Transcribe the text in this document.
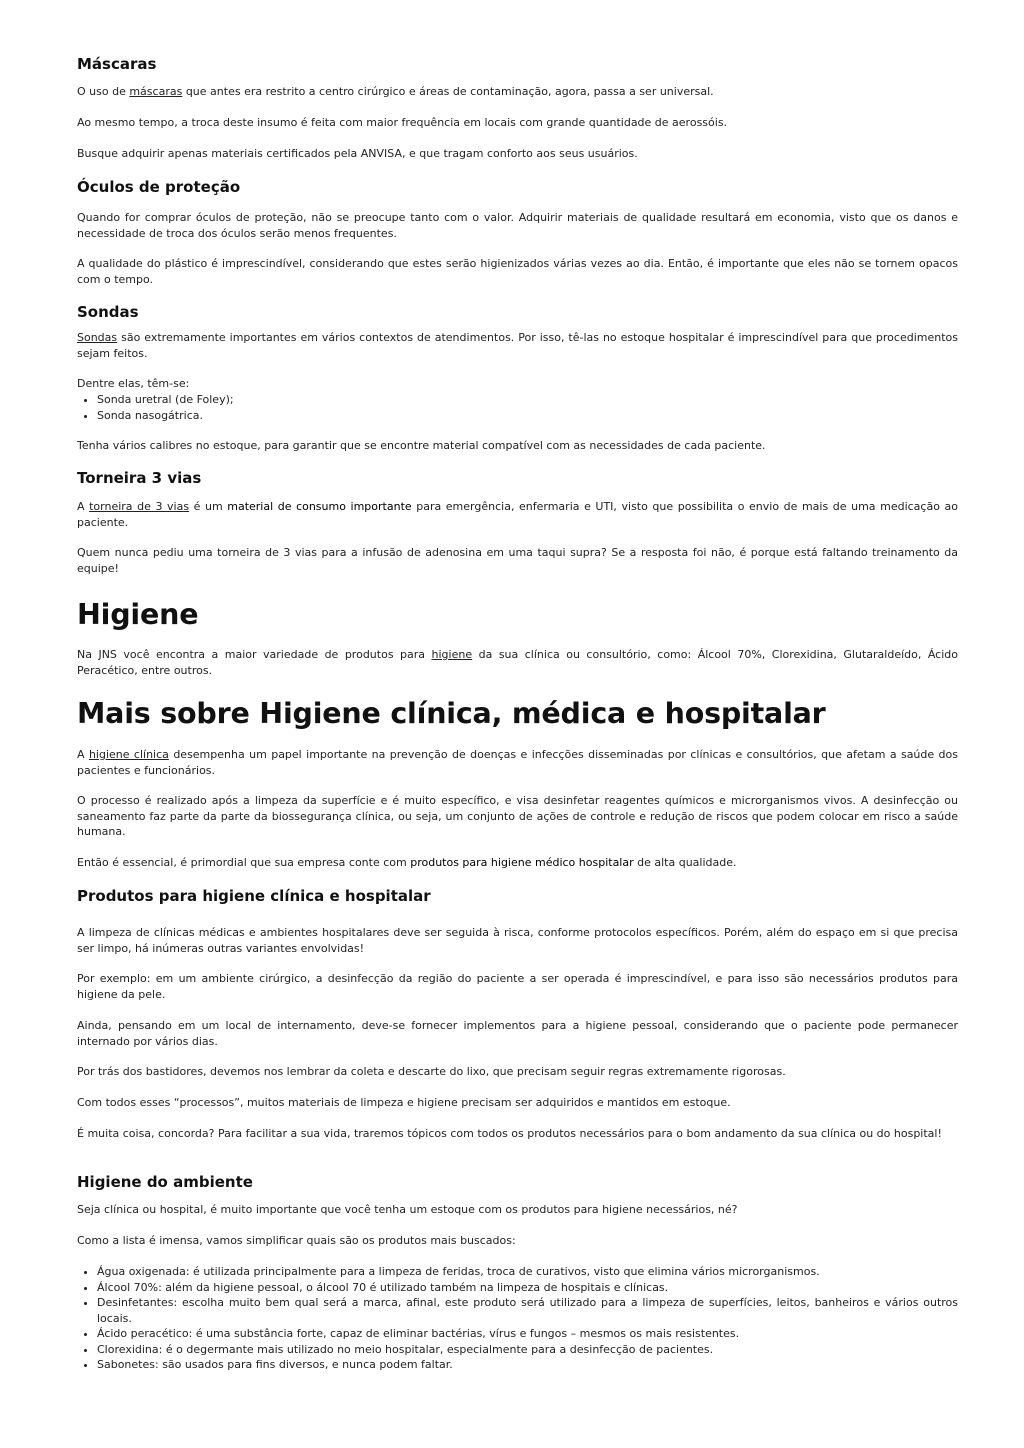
Máscaras

O uso de máscaras que antes era restrito a centro cirúrgico e áreas de contaminação, agora, passa a ser universal.

Ao mesmo tempo, a troca deste insumo é feita com maior frequência em locais com grande quantidade de aerossóis.

Busque adquirir apenas materiais certificados pela ANVISA, e que tragam conforto aos seus usuários.

Óculos de proteção

Quando for comprar óculos de proteção, não se preocupe tanto com o valor. Adquirir materiais de qualidade resultará em economia, visto que os danos e necessidade de troca dos óculos serão menos frequentes.

A qualidade do plástico é imprescindível, considerando que estes serão higienizados várias vezes ao dia. Então, é importante que eles não se tornem opacos com o tempo.

Sondas

Sondas são extremamente importantes em vários contextos de atendimentos. Por isso, tê-las no estoque hospitalar é imprescindível para que procedimentos sejam feitos.

Dentre elas, têm-se:

• Sonda uretral (de Foley);
• Sonda nasogátrica.

Tenha vários calibres no estoque, para garantir que se encontre material compatível com as necessidades de cada paciente.

Torneira 3 vias

A torneira de 3 vias é um material de consumo importante para emergência, enfermaria e UTI, visto que possibilita o envio de mais de uma medicação ao paciente.

Quem nunca pediu uma torneira de 3 vias para a infusão de adenosina em uma taqui supra? Se a resposta foi não, é porque está faltando treinamento da equipe!

Higiene

Na JNS você encontra a maior variedade de produtos para higiene da sua clínica ou consultório, como: Álcool 70%, Clorexidina, Glutaraldeído, Ácido Peracético, entre outros.

Mais sobre Higiene clínica, médica e hospitalar

A higiene clínica desempenha um papel importante na prevenção de doenças e infecções disseminadas por clínicas e consultórios, que afetam a saúde dos pacientes e funcionários.

O processo é realizado após a limpeza da superfície e é muito específico, e visa desinfetar reagentes químicos e microrganismos vivos. A desinfecção ou saneamento faz parte da parte da biossegurança clínica, ou seja, um conjunto de ações de controle e redução de riscos que podem colocar em risco a saúde humana.

Então é essencial, é primordial que sua empresa conte com produtos para higiene médico hospitalar de alta qualidade.

Produtos para higiene clínica e hospitalar

A limpeza de clínicas médicas e ambientes hospitalares deve ser seguida à risca, conforme protocolos específicos. Porém, além do espaço em si que precisa ser limpo, há inúmeras outras variantes envolvidas!

Por exemplo: em um ambiente cirúrgico, a desinfecção da região do paciente a ser operada é imprescindível, e para isso são necessários produtos para higiene da pele.

Ainda, pensando em um local de internamento, deve-se fornecer implementos para a higiene pessoal, considerando que o paciente pode permanecer internado por vários dias.

Por trás dos bastidores, devemos nos lembrar da coleta e descarte do lixo, que precisam seguir regras extremamente rigorosas.

Com todos esses “processos”, muitos materiais de limpeza e higiene precisam ser adquiridos e mantidos em estoque.

É muita coisa, concorda? Para facilitar a sua vida, traremos tópicos com todos os produtos necessários para o bom andamento da sua clínica ou do hospital!

Higiene do ambiente

Seja clínica ou hospital, é muito importante que você tenha um estoque com os produtos para higiene necessários, né?

Como a lista é imensa, vamos simplificar quais são os produtos mais buscados:

• Água oxigenada: é utilizada principalmente para a limpeza de feridas, troca de curativos, visto que elimina vários microrganismos.
• Álcool 70%: além da higiene pessoal, o álcool 70 é utilizado também na limpeza de hospitais e clínicas.
• Desinfetantes: escolha muito bem qual será a marca, afinal, este produto será utilizado para a limpeza de superfícies, leitos, banheiros e vários outros locais.
• Ácido peracético: é uma substância forte, capaz de eliminar bactérias, vírus e fungos – mesmos os mais resistentes.
• Clorexidina: é o degermante mais utilizado no meio hospitalar, especialmente para a desinfecção de pacientes.
• Sabonetes: são usados para fins diversos, e nunca podem faltar.
